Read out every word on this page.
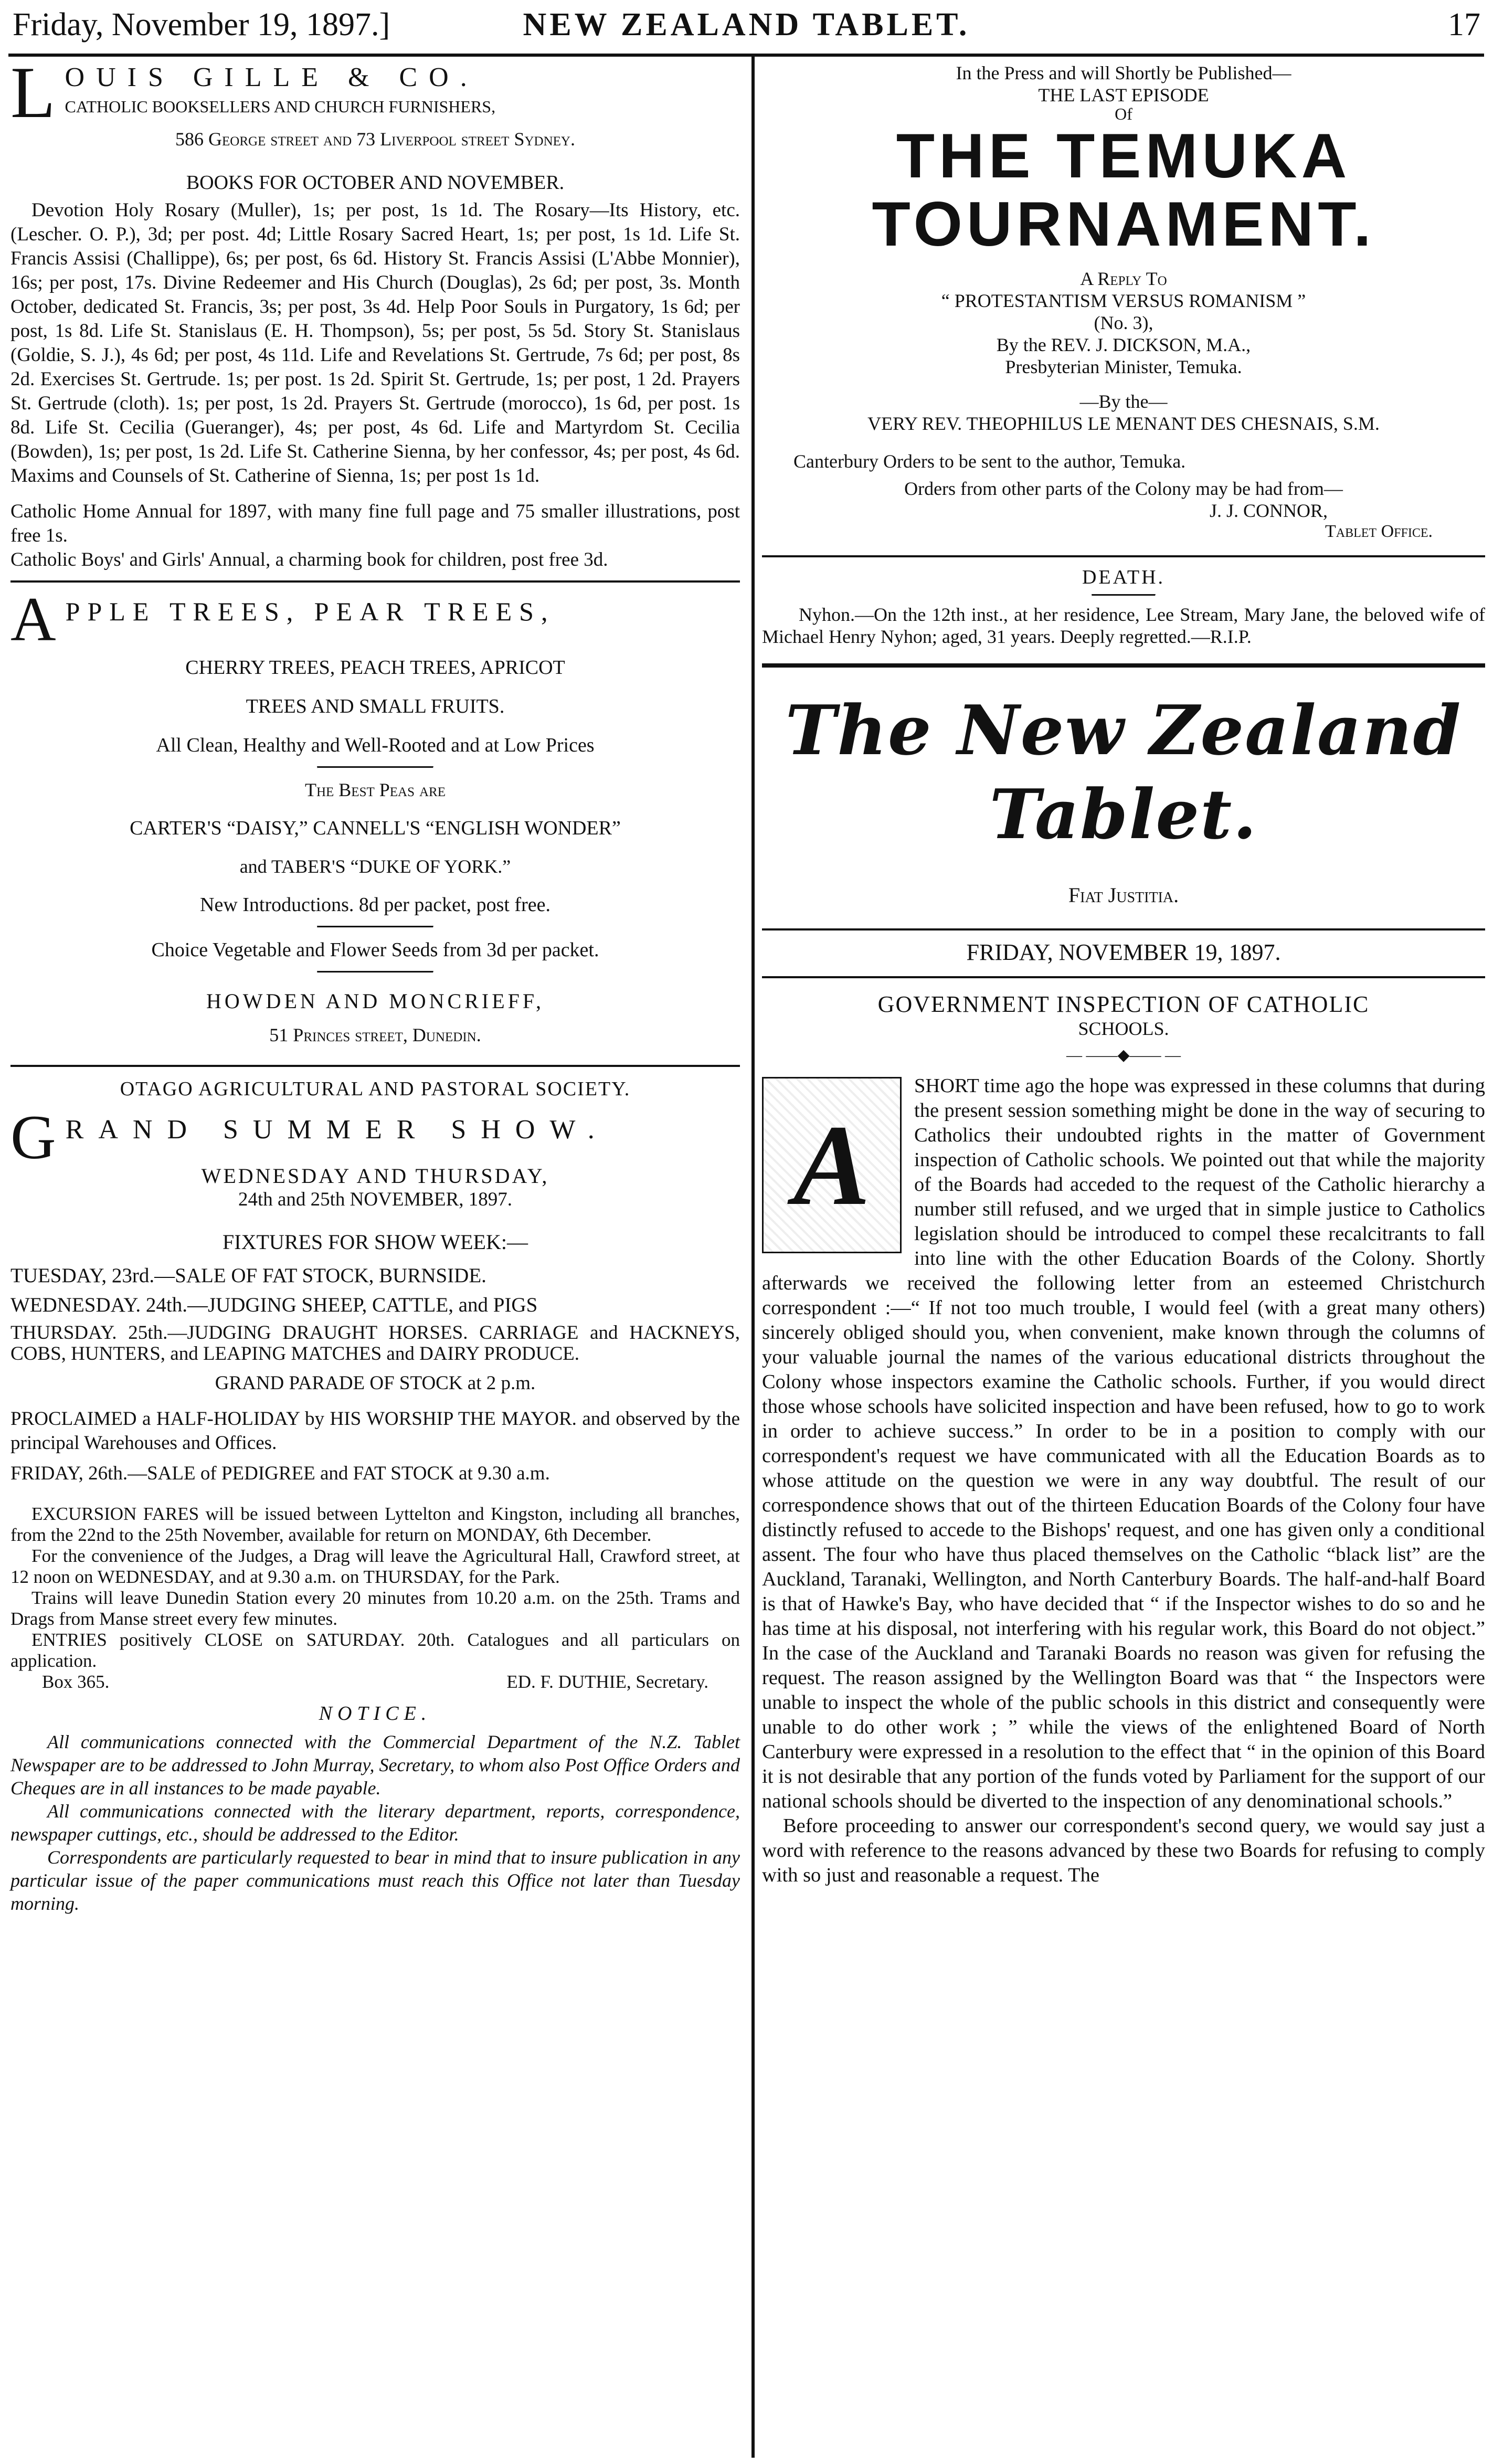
Friday, November 19, 1897.]	NEW ZEALAND TABLET.	17
L OUIS GILLE & CO.
CATHOLIC BOOKSELLERS AND CHURCH FURNISHERS,
586 George street and 73 Liverpool street Sydney.
BOOKS FOR OCTOBER AND NOVEMBER.

Devotion Holy Rosary (Muller), 1s; per post, 1s 1d. The Rosary—Its History, etc. (Lescher. O. P.), 3d; per post. 4d; Little Rosary Sacred Heart, 1s; per post, 1s 1d. Life St. Francis Assisi (Challippe), 6s; per post, 6s 6d. History St. Francis Assisi (L'Abbe Monnier), 16s; per post, 17s. Divine Redeemer and His Church (Douglas), 2s 6d; per post, 3s. Month October, dedicated St. Francis, 3s; per post, 3s 4d. Help Poor Souls in Purgatory, 1s 6d; per post, 1s 8d. Life St. Stanislaus (E. H. Thompson), 5s; per post, 5s 5d. Story St. Stanislaus (Goldie, S. J.), 4s 6d; per post, 4s 11d. Life and Revelations St. Gertrude, 7s 6d; per post, 8s 2d. Exercises St. Gertrude. 1s; per post. 1s 2d. Spirit St. Gertrude, 1s; per post, 1 2d. Prayers St. Gertrude (cloth). 1s; per post, 1s 2d. Prayers St. Gertrude (morocco), 1s 6d, per post. 1s 8d. Life St. Cecilia (Gueranger), 4s; per post, 4s 6d. Life and Martyrdom St. Cecilia (Bowden), 1s; per post, 1s 2d. Life St. Catherine Sienna, by her confessor, 4s; per post, 4s 6d. Maxims and Counsels of St. Catherine of Sienna, 1s; per post 1s 1d.

Catholic Home Annual for 1897, with many fine full page and 75 smaller illustrations, post free 1s.

Catholic Boys' and Girls' Annual, a charming book for children, post free 3d.

A PPLE TREES, PEAR TREES,
CHERRY TREES, PEACH TREES, APRICOT
TREES AND SMALL FRUITS.
All Clean, Healthy and Well-Rooted and at Low Prices
The Best Peas are
CARTER'S “DAISY,” CANNELL'S “ENGLISH WONDER”
and TABER'S “DUKE OF YORK.”
New Introductions. 8d per packet, post free.
Choice Vegetable and Flower Seeds from 3d per packet.
HOWDEN AND MONCRIEFF,
51 Princes street, Dunedin.
OTAGO AGRICULTURAL AND PASTORAL SOCIETY.
G RAND SUMMER SHOW.
WEDNESDAY AND THURSDAY,
24th and 25th NOVEMBER, 1897.
FIXTURES FOR SHOW WEEK:—

TUESDAY, 23rd.—SALE OF FAT STOCK, BURNSIDE.

WEDNESDAY. 24th.—JUDGING SHEEP, CATTLE, and PIGS

THURSDAY. 25th.—JUDGING DRAUGHT HORSES. CARRIAGE and HACKNEYS, COBS, HUNTERS, and LEAPING MATCHES and DAIRY PRODUCE.

GRAND PARADE OF STOCK at 2 p.m.

PROCLAIMED a HALF-HOLIDAY by HIS WORSHIP THE MAYOR. and observed by the principal Warehouses and Offices.

FRIDAY, 26th.—SALE of PEDIGREE and FAT STOCK at 9.30 a.m.

EXCURSION FARES will be issued between Lyttelton and Kingston, including all branches, from the 22nd to the 25th November, available for return on MONDAY, 6th December.

For the convenience of the Judges, a Drag will leave the Agricultural Hall, Crawford street, at 12 noon on WEDNESDAY, and at 9.30 a.m. on THURSDAY, for the Park.

Trains will leave Dunedin Station every 20 minutes from 10.20 a.m. on the 25th. Trams and Drags from Manse street every few minutes.

ENTRIES positively CLOSE on SATURDAY. 20th. Catalogues and all particulars on application.

Box 365.	ED. F. DUTHIE, Secretary.
NOTICE.

All communications connected with the Commercial Department of the N.Z. Tablet Newspaper are to be addressed to John Murray, Secretary, to whom also Post Office Orders and Cheques are in all instances to be made payable.

All communications connected with the literary department, reports, correspondence, newspaper cuttings, etc., should be addressed to the Editor.

Correspondents are particularly requested to bear in mind that to insure publication in any particular issue of the paper communications must reach this Office not later than Tuesday morning.

In the Press and will Shortly be Published—
THE LAST EPISODE
Of
THE TEMUKA TOURNAMENT.
A Reply To
“ PROTESTANTISM VERSUS ROMANISM ”
(No. 3),
By the REV. J. DICKSON, M.A.,
Presbyterian Minister, Temuka.
—By the—
VERY REV. THEOPHILUS LE MENANT DES CHESNAIS, S.M.
Canterbury Orders to be sent to the author, Temuka.
Orders from other parts of the Colony may be had from—
J. J. CONNOR,
Tablet Office.
DEATH.

Nyhon.—On the 12th inst., at her residence, Lee Stream, Mary Jane, the beloved wife of Michael Henry Nyhon; aged, 31 years. Deeply regretted.—R.I.P.

The New Zealand Tablet.
Fiat Justitia.
FRIDAY, NOVEMBER 19, 1897.
GOVERNMENT INSPECTION OF CATHOLIC
SCHOOLS.
— ——◆—— —
A

SHORT time ago the hope was expressed in these columns that during the present session something might be done in the way of securing to Catholics their undoubted rights in the matter of Government inspection of Catholic schools. We pointed out that while the majority of the Boards had acceded to the request of the Catholic hierarchy a number still refused, and we urged that in simple justice to Catholics legislation should be introduced to compel these recalcitrants to fall into line with the other Education Boards of the Colony. Shortly afterwards we received the following letter from an esteemed Christchurch correspondent :—“ If not too much trouble, I would feel (with a great many others) sincerely obliged should you, when convenient, make known through the columns of your valuable journal the names of the various educational districts throughout the Colony whose inspectors examine the Catholic schools. Further, if you would direct those whose schools have solicited inspection and have been refused, how to go to work in order to achieve success.” In order to be in a position to comply with our correspondent's request we have communicated with all the Education Boards as to whose attitude on the question we were in any way doubtful. The result of our correspondence shows that out of the thirteen Education Boards of the Colony four have distinctly refused to accede to the Bishops' request, and one has given only a conditional assent. The four who have thus placed themselves on the Catholic “black list” are the Auckland, Taranaki, Wellington, and North Canterbury Boards. The half-and-half Board is that of Hawke's Bay, who have decided that “ if the Inspector wishes to do so and he has time at his disposal, not interfering with his regular work, this Board do not object.” In the case of the Auckland and Taranaki Boards no reason was given for refusing the request. The reason assigned by the Wellington Board was that “ the Inspectors were unable to inspect the whole of the public schools in this district and consequently were unable to do other work ; ” while the views of the enlightened Board of North Canterbury were expressed in a resolution to the effect that “ in the opinion of this Board it is not desirable that any portion of the funds voted by Parliament for the support of our national schools should be diverted to the inspection of any denominational schools.”

Before proceeding to answer our correspondent's second query, we would say just a word with reference to the reasons advanced by these two Boards for refusing to comply with so just and reasonable a request. The
